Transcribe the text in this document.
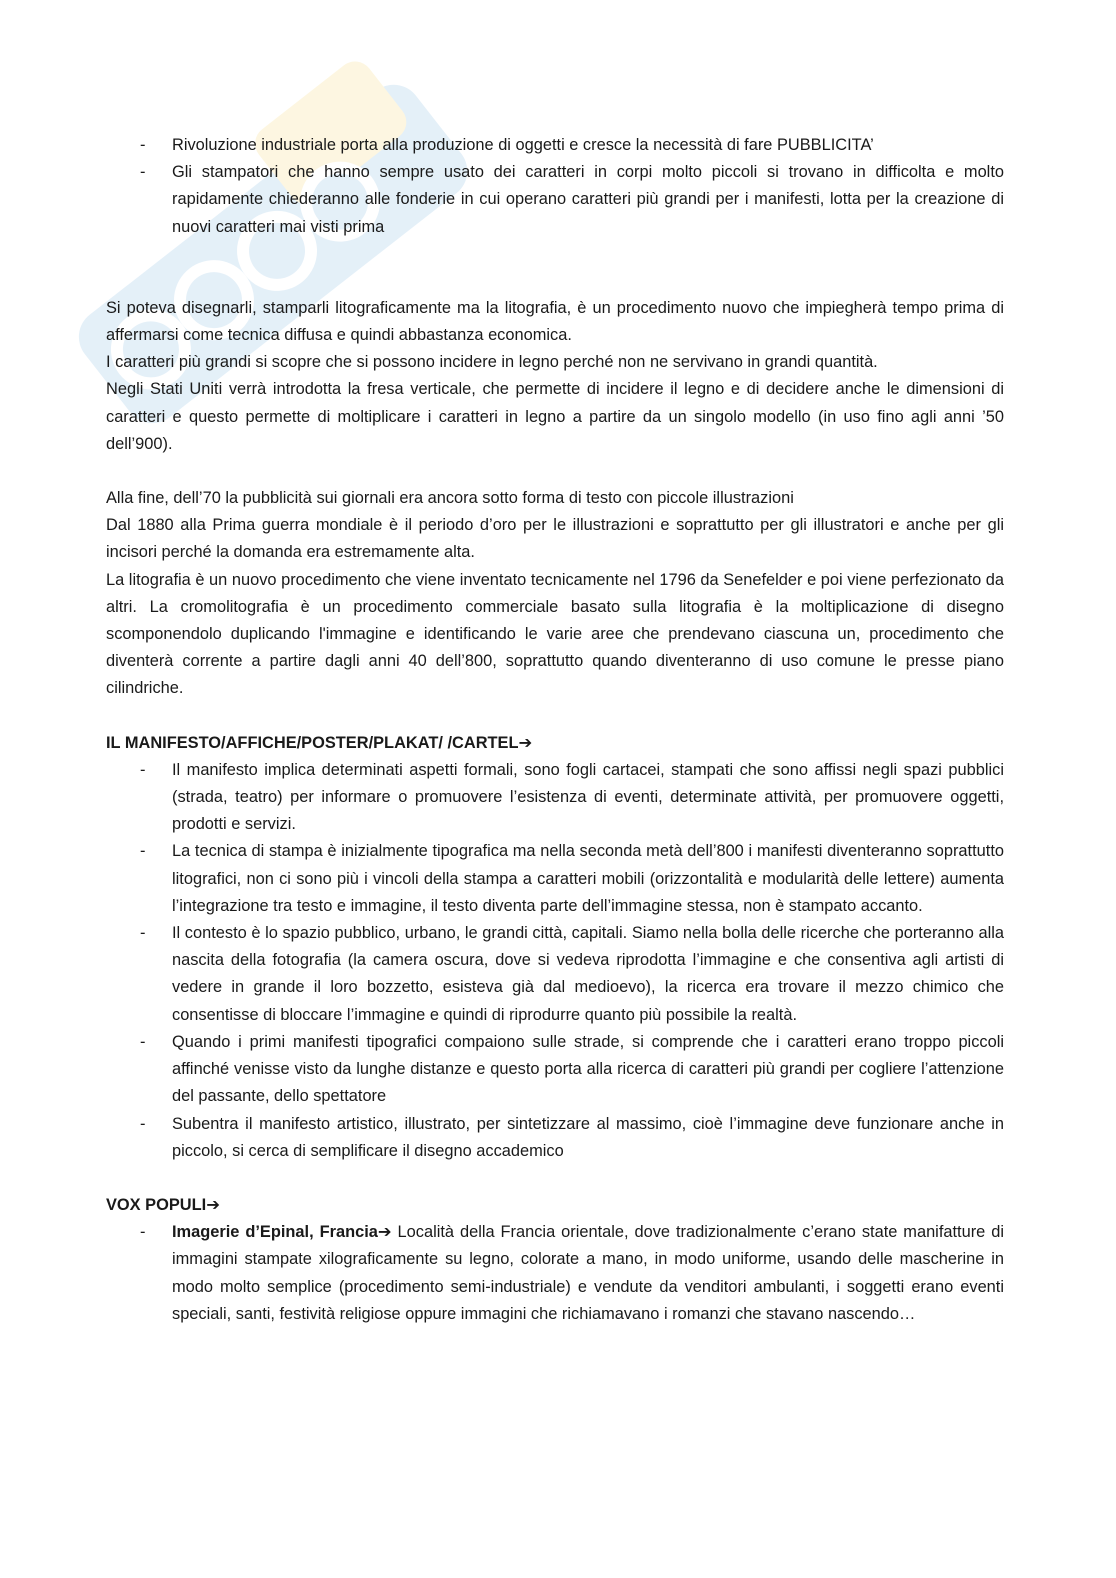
- Rivoluzione industriale porta alla produzione di oggetti e cresce la necessità di fare PUBBLICITA’
- Gli stampatori che hanno sempre usato dei caratteri in corpi molto piccoli si trovano in difficolta e molto rapidamente chiederanno alle fonderie in cui operano caratteri più grandi per i manifesti, lotta per la creazione di nuovi caratteri mai visti prima

Si poteva disegnarli, stamparli litograficamente ma la litografia, è un procedimento nuovo che impiegherà tempo prima di affermarsi come tecnica diffusa e quindi abbastanza economica.

I caratteri più grandi si scopre che si possono incidere in legno perché non ne servivano in grandi quantità.

Negli Stati Uniti verrà introdotta la fresa verticale, che permette di incidere il legno e di decidere anche le dimensioni di caratteri e questo permette di moltiplicare i caratteri in legno a partire da un singolo modello (in uso fino agli anni ’50 dell’900).

Alla fine, dell’70 la pubblicità sui giornali era ancora sotto forma di testo con piccole illustrazioni

Dal 1880 alla Prima guerra mondiale è il periodo d’oro per le illustrazioni e soprattutto per gli illustratori e anche per gli incisori perché la domanda era estremamente alta.

La litografia è un nuovo procedimento che viene inventato tecnicamente nel 1796 da Senefelder e poi viene perfezionato da altri. La cromolitografia è un procedimento commerciale basato sulla litografia è la moltiplicazione di disegno scomponendolo duplicando l'immagine e identificando le varie aree che prendevano ciascuna un, procedimento che diventerà corrente a partire dagli anni 40 dell’800, soprattutto quando diventeranno di uso comune le presse piano cilindriche.

IL MANIFESTO/AFFICHE/POSTER/PLAKAT/ /CARTEL➔

- Il manifesto implica determinati aspetti formali, sono fogli cartacei, stampati che sono affissi negli spazi pubblici (strada, teatro) per informare o promuovere l’esistenza di eventi, determinate attività, per promuovere oggetti, prodotti e servizi.
- La tecnica di stampa è inizialmente tipografica ma nella seconda metà dell’800 i manifesti diventeranno soprattutto litografici, non ci sono più i vincoli della stampa a caratteri mobili (orizzontalità e modularità delle lettere) aumenta l’integrazione tra testo e immagine, il testo diventa parte dell’immagine stessa, non è stampato accanto.
- Il contesto è lo spazio pubblico, urbano, le grandi città, capitali. Siamo nella bolla delle ricerche che porteranno alla nascita della fotografia (la camera oscura, dove si vedeva riprodotta l’immagine e che consentiva agli artisti di vedere in grande il loro bozzetto, esisteva già dal medioevo), la ricerca era trovare il mezzo chimico che consentisse di bloccare l’immagine e quindi di riprodurre quanto più possibile la realtà.
- Quando i primi manifesti tipografici compaiono sulle strade, si comprende che i caratteri erano troppo piccoli affinché venisse visto da lunghe distanze e questo porta alla ricerca di caratteri più grandi per cogliere l’attenzione del passante, dello spettatore
- Subentra il manifesto artistico, illustrato, per sintetizzare al massimo, cioè l’immagine deve funzionare anche in piccolo, si cerca di semplificare il disegno accademico

VOX POPULI➔

- Imagerie d’Epinal, Francia➔ Località della Francia orientale, dove tradizionalmente c’erano state manifatture di immagini stampate xilograficamente su legno, colorate a mano, in modo uniforme, usando delle mascherine in modo molto semplice (procedimento semi-industriale) e vendute da venditori ambulanti, i soggetti erano eventi speciali, santi, festività religiose oppure immagini che richiamavano i romanzi che stavano nascendo…
